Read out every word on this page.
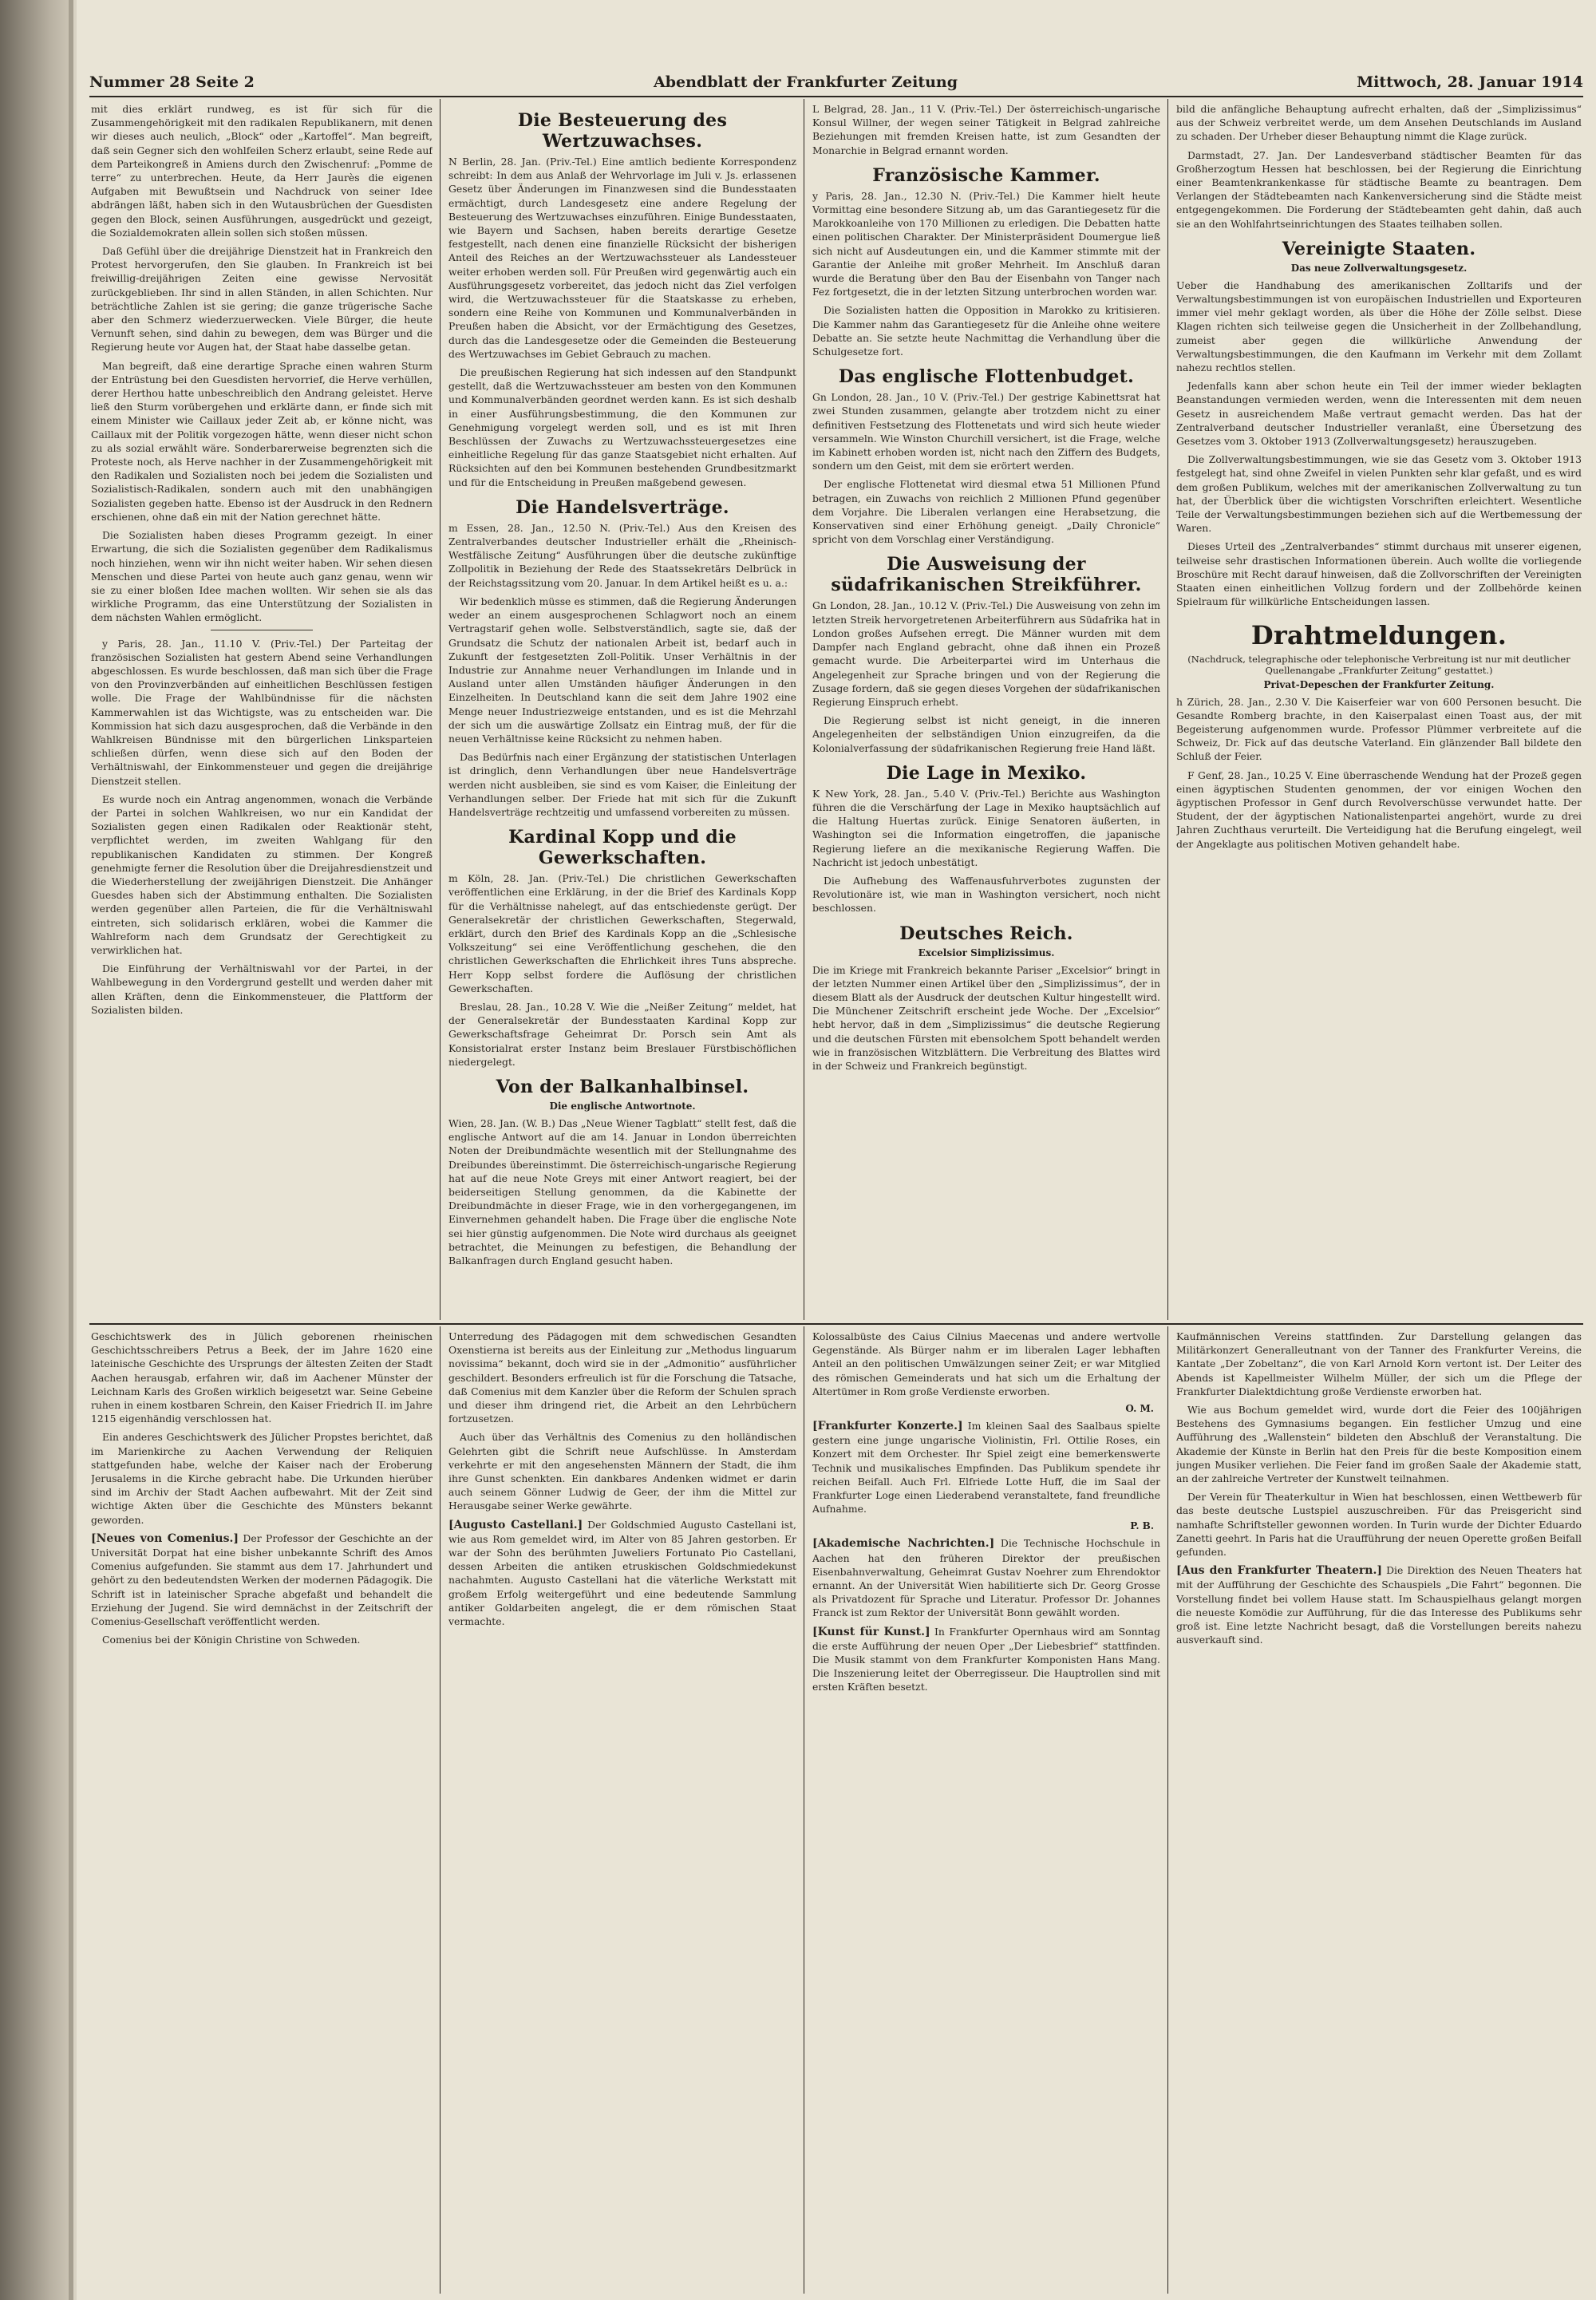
Nummer 28 Seite 2	Abendblatt der Frankfurter Zeitung	Mittwoch, 28. Januar 1914

mit dies erklärt rundweg, es ist für sich für die Zusammengehörigkeit mit den radikalen Republikanern, mit denen wir dieses auch neulich, „Block“ oder „Kartoffel“. Man begreift, daß sein Gegner sich den wohlfeilen Scherz erlaubt, seine Rede auf dem Parteikongreß in Amiens durch den Zwischenruf: „Pomme de terre“ zu unterbrechen. Heute, da Herr Jaurès die eigenen Aufgaben mit Bewußtsein und Nachdruck von seiner Idee abdrängen läßt, haben sich in den Wutausbrüchen der Guesdisten gegen den Block, seinen Ausführungen, ausgedrückt und gezeigt, die Sozialdemokraten allein sollen sich stoßen müssen.

Daß Gefühl über die dreijährige Dienstzeit hat in Frankreich den Protest hervorgerufen, den Sie glauben. In Frankreich ist bei freiwillig-dreijährigen Zeiten eine gewisse Nervosität zurückgeblieben. Ihr sind in allen Ständen, in allen Schichten. Nur beträchtliche Zahlen ist sie gering; die ganze trügerische Sache aber den Schmerz wiederzuerwecken. Viele Bürger, die heute Vernunft sehen, sind dahin zu bewegen, dem was Bürger und die Regierung heute vor Augen hat, der Staat habe dasselbe getan.

Man begreift, daß eine derartige Sprache einen wahren Sturm der Entrüstung bei den Guesdisten hervorrief, die Herve verhüllen, derer Herthou hatte unbeschreiblich den Andrang geleistet. Herve ließ den Sturm vorübergehen und erklärte dann, er finde sich mit einem Minister wie Caillaux jeder Zeit ab, er könne nicht, was Caillaux mit der Politik vorgezogen hätte, wenn dieser nicht schon zu als sozial erwählt wäre. Sonderbarerweise begrenzten sich die Proteste noch, als Herve nachher in der Zusammengehörigkeit mit den Radikalen und Sozialisten noch bei jedem die Sozialisten und Sozialistisch-Radikalen, sondern auch mit den unabhängigen Sozialisten gegeben hatte. Ebenso ist der Ausdruck in den Rednern erschienen, ohne daß ein mit der Nation gerechnet hätte.

Die Sozialisten haben dieses Programm gezeigt. In einer Erwartung, die sich die Sozialisten gegenüber dem Radikalismus noch hinziehen, wenn wir ihn nicht weiter haben. Wir sehen diesen Menschen und diese Partei von heute auch ganz genau, wenn wir sie zu einer bloßen Idee machen wollten. Wir sehen sie als das wirkliche Programm, das eine Unterstützung der Sozialisten in dem nächsten Wahlen ermöglicht.

y Paris, 28. Jan., 11.10 V. (Priv.-Tel.) Der Parteitag der französischen Sozialisten hat gestern Abend seine Verhandlungen abgeschlossen. Es wurde beschlossen, daß man sich über die Frage von den Provinzverbänden auf einheitlichen Beschlüssen festigen wolle. Die Frage der Wahlbündnisse für die nächsten Kammerwahlen ist das Wichtigste, was zu entscheiden war. Die Kommission hat sich dazu ausgesprochen, daß die Verbände in den Wahlkreisen Bündnisse mit den bürgerlichen Linksparteien schließen dürfen, wenn diese sich auf den Boden der Verhältniswahl, der Einkommensteuer und gegen die dreijährige Dienstzeit stellen.

Es wurde noch ein Antrag angenommen, wonach die Verbände der Partei in solchen Wahlkreisen, wo nur ein Kandidat der Sozialisten gegen einen Radikalen oder Reaktionär steht, verpflichtet werden, im zweiten Wahlgang für den republikanischen Kandidaten zu stimmen. Der Kongreß genehmigte ferner die Resolution über die Dreijahresdienstzeit und die Wiederherstellung der zweijährigen Dienstzeit. Die Anhänger Guesdes haben sich der Abstimmung enthalten. Die Sozialisten werden gegenüber allen Parteien, die für die Verhältniswahl eintreten, sich solidarisch erklären, wobei die Kammer die Wahlreform nach dem Grundsatz der Gerechtigkeit zu verwirklichen hat.

Die Einführung der Verhältniswahl vor der Partei, in der Wahlbewegung in den Vordergrund gestellt und werden daher mit allen Kräften, denn die Einkommensteuer, die Plattform der Sozialisten bilden.

Die Besteuerung des Wertzuwachses.

N Berlin, 28. Jan. (Priv.-Tel.) Eine amtlich bediente Korrespondenz schreibt: In dem aus Anlaß der Wehrvorlage im Juli v. Js. erlassenen Gesetz über Änderungen im Finanzwesen sind die Bundesstaaten ermächtigt, durch Landesgesetz eine andere Regelung der Besteuerung des Wertzuwachses einzuführen. Einige Bundesstaaten, wie Bayern und Sachsen, haben bereits derartige Gesetze festgestellt, nach denen eine finanzielle Rücksicht der bisherigen Anteil des Reiches an der Wertzuwachssteuer als Landessteuer weiter erhoben werden soll. Für Preußen wird gegenwärtig auch ein Ausführungsgesetz vorbereitet, das jedoch nicht das Ziel verfolgen wird, die Wertzuwachssteuer für die Staatskasse zu erheben, sondern eine Reihe von Kommunen und Kommunalverbänden in Preußen haben die Absicht, vor der Ermächtigung des Gesetzes, durch das die Landesgesetze oder die Gemeinden die Besteuerung des Wertzuwachses im Gebiet Gebrauch zu machen.

Die preußischen Regierung hat sich indessen auf den Standpunkt gestellt, daß die Wertzuwachssteuer am besten von den Kommunen und Kommunalverbänden geordnet werden kann. Es ist sich deshalb in einer Ausführungsbestimmung, die den Kommunen zur Genehmigung vorgelegt werden soll, und es ist mit Ihren Beschlüssen der Zuwachs zu Wertzuwachssteuergesetzes eine einheitliche Regelung für das ganze Staatsgebiet nicht erhalten. Auf Rücksichten auf den bei Kommunen bestehenden Grundbesitzmarkt und für die Entscheidung in Preußen maßgebend gewesen.

Die Handelsverträge.

m Essen, 28. Jan., 12.50 N. (Priv.-Tel.) Aus den Kreisen des Zentralverbandes deutscher Industrieller erhält die „Rheinisch-Westfälische Zeitung“ Ausführungen über die deutsche zukünftige Zollpolitik in Beziehung der Rede des Staatssekretärs Delbrück in der Reichstagssitzung vom 20. Januar. In dem Artikel heißt es u. a.:

Wir bedenklich müsse es stimmen, daß die Regierung Änderungen weder an einem ausgesprochenen Schlagwort noch an einem Vertragstarif gehen wolle. Selbstverständlich, sagte sie, daß der Grundsatz die Schutz der nationalen Arbeit ist, bedarf auch in Zukunft der festgesetzten Zoll-Politik. Unser Verhältnis in der Industrie zur Annahme neuer Verhandlungen im Inlande und in Ausland unter allen Umständen häufiger Änderungen in den Einzelheiten. In Deutschland kann die seit dem Jahre 1902 eine Menge neuer Industriezweige entstanden, und es ist die Mehrzahl der sich um die auswärtige Zollsatz ein Eintrag muß, der für die neuen Verhältnisse keine Rücksicht zu nehmen haben.

Das Bedürfnis nach einer Ergänzung der statistischen Unterlagen ist dringlich, denn Verhandlungen über neue Handelsverträge werden nicht ausbleiben, sie sind es vom Kaiser, die Einleitung der Verhandlungen selber. Der Friede hat mit sich für die Zukunft Handelsverträge rechtzeitig und umfassend vorbereiten zu müssen.

Kardinal Kopp und die Gewerkschaften.

m Köln, 28. Jan. (Priv.-Tel.) Die christlichen Gewerkschaften veröffentlichen eine Erklärung, in der die Brief des Kardinals Kopp für die Verhältnisse nahelegt, auf das entschiedenste gerügt. Der Generalsekretär der christlichen Gewerkschaften, Stegerwald, erklärt, durch den Brief des Kardinals Kopp an die „Schlesische Volkszeitung“ sei eine Veröffentlichung geschehen, die den christlichen Gewerkschaften die Ehrlichkeit ihres Tuns abspreche. Herr Kopp selbst fordere die Auflösung der christlichen Gewerkschaften.

Breslau, 28. Jan., 10.28 V. Wie die „Neißer Zeitung“ meldet, hat der Generalsekretär der Bundesstaaten Kardinal Kopp zur Gewerkschaftsfrage Geheimrat Dr. Porsch sein Amt als Konsistorialrat erster Instanz beim Breslauer Fürstbischöflichen niedergelegt.

Von der Balkanhalbinsel.
Die englische Antwortnote.

Wien, 28. Jan. (W. B.) Das „Neue Wiener Tagblatt“ stellt fest, daß die englische Antwort auf die am 14. Januar in London überreichten Noten der Dreibundmächte wesentlich mit der Stellungnahme des Dreibundes übereinstimmt. Die österreichisch-ungarische Regierung hat auf die neue Note Greys mit einer Antwort reagiert, bei der beiderseitigen Stellung genommen, da die Kabinette der Dreibundmächte in dieser Frage, wie in den vorhergegangenen, im Einvernehmen gehandelt haben. Die Frage über die englische Note sei hier günstig aufgenommen. Die Note wird durchaus als geeignet betrachtet, die Meinungen zu befestigen, die Behandlung der Balkanfragen durch England gesucht haben.

L Belgrad, 28. Jan., 11 V. (Priv.-Tel.) Der österreichisch-ungarische Konsul Willner, der wegen seiner Tätigkeit in Belgrad zahlreiche Beziehungen mit fremden Kreisen hatte, ist zum Gesandten der Monarchie in Belgrad ernannt worden.

Französische Kammer.

y Paris, 28. Jan., 12.30 N. (Priv.-Tel.) Die Kammer hielt heute Vormittag eine besondere Sitzung ab, um das Garantiegesetz für die Marokkoanleihe von 170 Millionen zu erledigen. Die Debatten hatte einen politischen Charakter. Der Ministerpräsident Doumergue ließ sich nicht auf Ausdeutungen ein, und die Kammer stimmte mit der Garantie der Anleihe mit großer Mehrheit. Im Anschluß daran wurde die Beratung über den Bau der Eisenbahn von Tanger nach Fez fortgesetzt, die in der letzten Sitzung unterbrochen worden war.

Die Sozialisten hatten die Opposition in Marokko zu kritisieren. Die Kammer nahm das Garantiegesetz für die Anleihe ohne weitere Debatte an. Sie setzte heute Nachmittag die Verhandlung über die Schulgesetze fort.

Das englische Flottenbudget.

Gn London, 28. Jan., 10 V. (Priv.-Tel.) Der gestrige Kabinettsrat hat zwei Stunden zusammen, gelangte aber trotzdem nicht zu einer definitiven Festsetzung des Flottenetats und wird sich heute wieder versammeln. Wie Winston Churchill versichert, ist die Frage, welche im Kabinett erhoben worden ist, nicht nach den Ziffern des Budgets, sondern um den Geist, mit dem sie erörtert werden.

Der englische Flottenetat wird diesmal etwa 51 Millionen Pfund betragen, ein Zuwachs von reichlich 2 Millionen Pfund gegenüber dem Vorjahre. Die Liberalen verlangen eine Herabsetzung, die Konservativen sind einer Erhöhung geneigt. „Daily Chronicle“ spricht von dem Vorschlag einer Verständigung.

Die Ausweisung der südafrikanischen Streikführer.

Gn London, 28. Jan., 10.12 V. (Priv.-Tel.) Die Ausweisung von zehn im letzten Streik hervorgetretenen Arbeiterführern aus Südafrika hat in London großes Aufsehen erregt. Die Männer wurden mit dem Dampfer nach England gebracht, ohne daß ihnen ein Prozeß gemacht wurde. Die Arbeiterpartei wird im Unterhaus die Angelegenheit zur Sprache bringen und von der Regierung die Zusage fordern, daß sie gegen dieses Vorgehen der südafrikanischen Regierung Einspruch erhebt.

Die Regierung selbst ist nicht geneigt, in die inneren Angelegenheiten der selbständigen Union einzugreifen, da die Kolonialverfassung der südafrikanischen Regierung freie Hand läßt.

Die Lage in Mexiko.

K New York, 28. Jan., 5.40 V. (Priv.-Tel.) Berichte aus Washington führen die die Verschärfung der Lage in Mexiko hauptsächlich auf die Haltung Huertas zurück. Einige Senatoren äußerten, in Washington sei die Information eingetroffen, die japanische Regierung liefere an die mexikanische Regierung Waffen. Die Nachricht ist jedoch unbestätigt.

Die Aufhebung des Waffenausfuhrverbotes zugunsten der Revolutionäre ist, wie man in Washington versichert, noch nicht beschlossen.

Deutsches Reich.
Excelsior Simplizissimus.

Die im Kriege mit Frankreich bekannte Pariser „Excelsior“ bringt in der letzten Nummer einen Artikel über den „Simplizissimus“, der in diesem Blatt als der Ausdruck der deutschen Kultur hingestellt wird. Die Münchener Zeitschrift erscheint jede Woche. Der „Excelsior“ hebt hervor, daß in dem „Simplizissimus“ die deutsche Regierung und die deutschen Fürsten mit ebensolchem Spott behandelt werden wie in französischen Witzblättern. Die Verbreitung des Blattes wird in der Schweiz und Frankreich begünstigt.

bild die anfängliche Behauptung aufrecht erhalten, daß der „Simplizissimus“ aus der Schweiz verbreitet werde, um dem Ansehen Deutschlands im Ausland zu schaden. Der Urheber dieser Behauptung nimmt die Klage zurück.

Darmstadt, 27. Jan. Der Landesverband städtischer Beamten für das Großherzogtum Hessen hat beschlossen, bei der Regierung die Einrichtung einer Beamtenkrankenkasse für städtische Beamte zu beantragen. Dem Verlangen der Städtebeamten nach Kankenversicherung sind die Städte meist entgegengekommen. Die Forderung der Städtebeamten geht dahin, daß auch sie an den Wohlfahrtseinrichtungen des Staates teilhaben sollen.

Vereinigte Staaten.
Das neue Zollverwaltungsgesetz.

Ueber die Handhabung des amerikanischen Zolltarifs und der Verwaltungsbestimmungen ist von europäischen Industriellen und Exporteuren immer viel mehr geklagt worden, als über die Höhe der Zölle selbst. Diese Klagen richten sich teilweise gegen die Unsicherheit in der Zollbehandlung, zumeist aber gegen die willkürliche Anwendung der Verwaltungsbestimmungen, die den Kaufmann im Verkehr mit dem Zollamt nahezu rechtlos stellen.

Jedenfalls kann aber schon heute ein Teil der immer wieder beklagten Beanstandungen vermieden werden, wenn die Interessenten mit dem neuen Gesetz in ausreichendem Maße vertraut gemacht werden. Das hat der Zentralverband deutscher Industrieller veranlaßt, eine Übersetzung des Gesetzes vom 3. Oktober 1913 (Zollverwaltungsgesetz) herauszugeben.

Die Zollverwaltungsbestimmungen, wie sie das Gesetz vom 3. Oktober 1913 festgelegt hat, sind ohne Zweifel in vielen Punkten sehr klar gefaßt, und es wird dem großen Publikum, welches mit der amerikanischen Zollverwaltung zu tun hat, der Überblick über die wichtigsten Vorschriften erleichtert. Wesentliche Teile der Verwaltungsbestimmungen beziehen sich auf die Wertbemessung der Waren.

Dieses Urteil des „Zentralverbandes“ stimmt durchaus mit unserer eigenen, teilweise sehr drastischen Informationen überein. Auch wollte die vorliegende Broschüre mit Recht darauf hinweisen, daß die Zollvorschriften der Vereinigten Staaten einen einheitlichen Vollzug fordern und der Zollbehörde keinen Spielraum für willkürliche Entscheidungen lassen.

Drahtmeldungen.
(Nachdruck, telegraphische oder telephonische Verbreitung ist nur mit deutlicher Quellenangabe „Frankfurter Zeitung“ gestattet.)
Privat-Depeschen der Frankfurter Zeitung.

h Zürich, 28. Jan., 2.30 V. Die Kaiserfeier war von 600 Personen besucht. Die Gesandte Romberg brachte, in den Kaiserpalast einen Toast aus, der mit Begeisterung aufgenommen wurde. Professor Plümmer verbreitete auf die Schweiz, Dr. Fick auf das deutsche Vaterland. Ein glänzender Ball bildete den Schluß der Feier.

F Genf, 28. Jan., 10.25 V. Eine überraschende Wendung hat der Prozeß gegen einen ägyptischen Studenten genommen, der vor einigen Wochen den ägyptischen Professor in Genf durch Revolverschüsse verwundet hatte. Der Student, der der ägyptischen Nationalistenpartei angehört, wurde zu drei Jahren Zuchthaus verurteilt. Die Verteidigung hat die Berufung eingelegt, weil der Angeklagte aus politischen Motiven gehandelt habe.

Geschichtswerk des in Jülich geborenen rheinischen Geschichtsschreibers Petrus a Beek, der im Jahre 1620 eine lateinische Geschichte des Ursprungs der ältesten Zeiten der Stadt Aachen herausgab, erfahren wir, daß im Aachener Münster der Leichnam Karls des Großen wirklich beigesetzt war. Seine Gebeine ruhen in einem kostbaren Schrein, den Kaiser Friedrich II. im Jahre 1215 eigenhändig verschlossen hat.

Ein anderes Geschichtswerk des Jülicher Propstes berichtet, daß im Marienkirche zu Aachen Verwendung der Reliquien stattgefunden habe, welche der Kaiser nach der Eroberung Jerusalems in die Kirche gebracht habe. Die Urkunden hierüber sind im Archiv der Stadt Aachen aufbewahrt. Mit der Zeit sind wichtige Akten über die Geschichte des Münsters bekannt geworden.

[Neues von Comenius.] Der Professor der Geschichte an der Universität Dorpat hat eine bisher unbekannte Schrift des Amos Comenius aufgefunden. Sie stammt aus dem 17. Jahrhundert und gehört zu den bedeutendsten Werken der modernen Pädagogik. Die Schrift ist in lateinischer Sprache abgefaßt und behandelt die Erziehung der Jugend. Sie wird demnächst in der Zeitschrift der Comenius-Gesellschaft veröffentlicht werden.

Comenius bei der Königin Christine von Schweden.

Unterredung des Pädagogen mit dem schwedischen Gesandten Oxenstierna ist bereits aus der Einleitung zur „Methodus linguarum novissima“ bekannt, doch wird sie in der „Admonitio“ ausführlicher geschildert. Besonders erfreulich ist für die Forschung die Tatsache, daß Comenius mit dem Kanzler über die Reform der Schulen sprach und dieser ihm dringend riet, die Arbeit an den Lehrbüchern fortzusetzen.

Auch über das Verhältnis des Comenius zu den holländischen Gelehrten gibt die Schrift neue Aufschlüsse. In Amsterdam verkehrte er mit den angesehensten Männern der Stadt, die ihm ihre Gunst schenkten. Ein dankbares Andenken widmet er darin auch seinem Gönner Ludwig de Geer, der ihm die Mittel zur Herausgabe seiner Werke gewährte.

[Augusto Castellani.] Der Goldschmied Augusto Castellani ist, wie aus Rom gemeldet wird, im Alter von 85 Jahren gestorben. Er war der Sohn des berühmten Juweliers Fortunato Pio Castellani, dessen Arbeiten die antiken etruskischen Goldschmiedekunst nachahmten. Augusto Castellani hat die väterliche Werkstatt mit großem Erfolg weitergeführt und eine bedeutende Sammlung antiker Goldarbeiten angelegt, die er dem römischen Staat vermachte.

Kolossalbüste des Caius Cilnius Maecenas und andere wertvolle Gegenstände. Als Bürger nahm er im liberalen Lager lebhaften Anteil an den politischen Umwälzungen seiner Zeit; er war Mitglied des römischen Gemeinderats und hat sich um die Erhaltung der Altertümer in Rom große Verdienste erworben.

O. M.

[Frankfurter Konzerte.] Im kleinen Saal des Saalbaus spielte gestern eine junge ungarische Violinistin, Frl. Ottilie Roses, ein Konzert mit dem Orchester. Ihr Spiel zeigt eine bemerkenswerte Technik und musikalisches Empfinden. Das Publikum spendete ihr reichen Beifall. Auch Frl. Elfriede Lotte Huff, die im Saal der Frankfurter Loge einen Liederabend veranstaltete, fand freundliche Aufnahme.

P. B.

[Akademische Nachrichten.] Die Technische Hochschule in Aachen hat den früheren Direktor der preußischen Eisenbahnverwaltung, Geheimrat Gustav Noehrer zum Ehrendoktor ernannt. An der Universität Wien habilitierte sich Dr. Georg Grosse als Privatdozent für Sprache und Literatur. Professor Dr. Johannes Franck ist zum Rektor der Universität Bonn gewählt worden.

[Kunst für Kunst.] In Frankfurter Opernhaus wird am Sonntag die erste Aufführung der neuen Oper „Der Liebesbrief“ stattfinden. Die Musik stammt von dem Frankfurter Komponisten Hans Mang. Die Inszenierung leitet der Oberregisseur. Die Hauptrollen sind mit ersten Kräften besetzt.

Kaufmännischen Vereins stattfinden. Zur Darstellung gelangen das Militärkonzert Generalleutnant von der Tanner des Frankfurter Vereins, die Kantate „Der Zobeltanz“, die von Karl Arnold Korn vertont ist. Der Leiter des Abends ist Kapellmeister Wilhelm Müller, der sich um die Pflege der Frankfurter Dialektdichtung große Verdienste erworben hat.

Wie aus Bochum gemeldet wird, wurde dort die Feier des 100jährigen Bestehens des Gymnasiums begangen. Ein festlicher Umzug und eine Aufführung des „Wallenstein“ bildeten den Abschluß der Veranstaltung. Die Akademie der Künste in Berlin hat den Preis für die beste Komposition einem jungen Musiker verliehen. Die Feier fand im großen Saale der Akademie statt, an der zahlreiche Vertreter der Kunstwelt teilnahmen.

Der Verein für Theaterkultur in Wien hat beschlossen, einen Wettbewerb für das beste deutsche Lustspiel auszuschreiben. Für das Preisgericht sind namhafte Schriftsteller gewonnen worden. In Turin wurde der Dichter Eduardo Zanetti geehrt. In Paris hat die Uraufführung der neuen Operette großen Beifall gefunden.

[Aus den Frankfurter Theatern.] Die Direktion des Neuen Theaters hat mit der Aufführung der Geschichte des Schauspiels „Die Fahrt“ begonnen. Die Vorstellung findet bei vollem Hause statt. Im Schauspielhaus gelangt morgen die neueste Komödie zur Aufführung, für die das Interesse des Publikums sehr groß ist. Eine letzte Nachricht besagt, daß die Vorstellungen bereits nahezu ausverkauft sind.
